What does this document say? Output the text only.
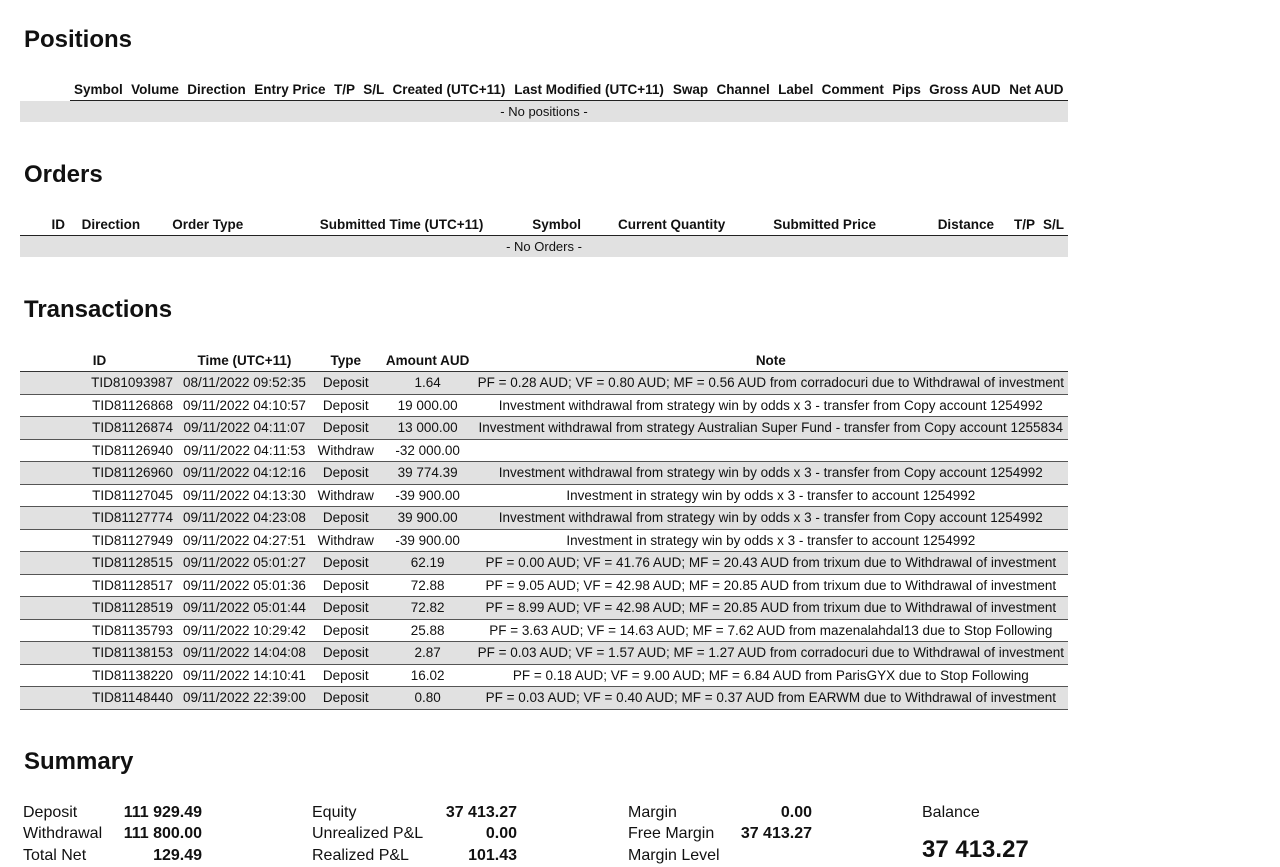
Positions
	Symbol	Volume	Direction	Entry Price	T/P	S/L	Created (UTC+11)	Last Modified (UTC+11)	Swap	Channel	Label	Comment	Pips	Gross AUD	Net AUD
- No positions -
Orders
ID	Direction	Order Type	Submitted Time (UTC+11)	Symbol	Current Quantity	Submitted Price	Distance	T/P	S/L
- No Orders -
Transactions
ID	Time (UTC+11)	Type	Amount AUD	Note
TID81093987	08/11/2022 09:52:35	Deposit	1.64	PF = 0.28 AUD; VF = 0.80 AUD; MF = 0.56 AUD from corradocuri due to Withdrawal of investment
TID81126868	09/11/2022 04:10:57	Deposit	19 000.00	Investment withdrawal from strategy win by odds x 3 - transfer from Copy account 1254992
TID81126874	09/11/2022 04:11:07	Deposit	13 000.00	Investment withdrawal from strategy Australian Super Fund - transfer from Copy account 1255834
TID81126940	09/11/2022 04:11:53	Withdraw	-32 000.00	
TID81126960	09/11/2022 04:12:16	Deposit	39 774.39	Investment withdrawal from strategy win by odds x 3 - transfer from Copy account 1254992
TID81127045	09/11/2022 04:13:30	Withdraw	-39 900.00	Investment in strategy win by odds x 3 - transfer to account 1254992
TID81127774	09/11/2022 04:23:08	Deposit	39 900.00	Investment withdrawal from strategy win by odds x 3 - transfer from Copy account 1254992
TID81127949	09/11/2022 04:27:51	Withdraw	-39 900.00	Investment in strategy win by odds x 3 - transfer to account 1254992
TID81128515	09/11/2022 05:01:27	Deposit	62.19	PF = 0.00 AUD; VF = 41.76 AUD; MF = 20.43 AUD from trixum due to Withdrawal of investment
TID81128517	09/11/2022 05:01:36	Deposit	72.88	PF = 9.05 AUD; VF = 42.98 AUD; MF = 20.85 AUD from trixum due to Withdrawal of investment
TID81128519	09/11/2022 05:01:44	Deposit	72.82	PF = 8.99 AUD; VF = 42.98 AUD; MF = 20.85 AUD from trixum due to Withdrawal of investment
TID81135793	09/11/2022 10:29:42	Deposit	25.88	PF = 3.63 AUD; VF = 14.63 AUD; MF = 7.62 AUD from mazenalahdal13 due to Stop Following
TID81138153	09/11/2022 14:04:08	Deposit	2.87	PF = 0.03 AUD; VF = 1.57 AUD; MF = 1.27 AUD from corradocuri due to Withdrawal of investment
TID81138220	09/11/2022 14:10:41	Deposit	16.02	PF = 0.18 AUD; VF = 9.00 AUD; MF = 6.84 AUD from ParisGYX due to Stop Following
TID81148440	09/11/2022 22:39:00	Deposit	0.80	PF = 0.03 AUD; VF = 0.40 AUD; MF = 0.37 AUD from EARWM due to Withdrawal of investment
Summary
Deposit	111 929.49
Withdrawal 111 800.00
Total Net	129.49
Equity	37 413.27
Unrealized P&L	0.00
Realized P&L	101.43
Margin	0.00
Free Margin	37 413.27
Margin Level
Balance
37 413.27
